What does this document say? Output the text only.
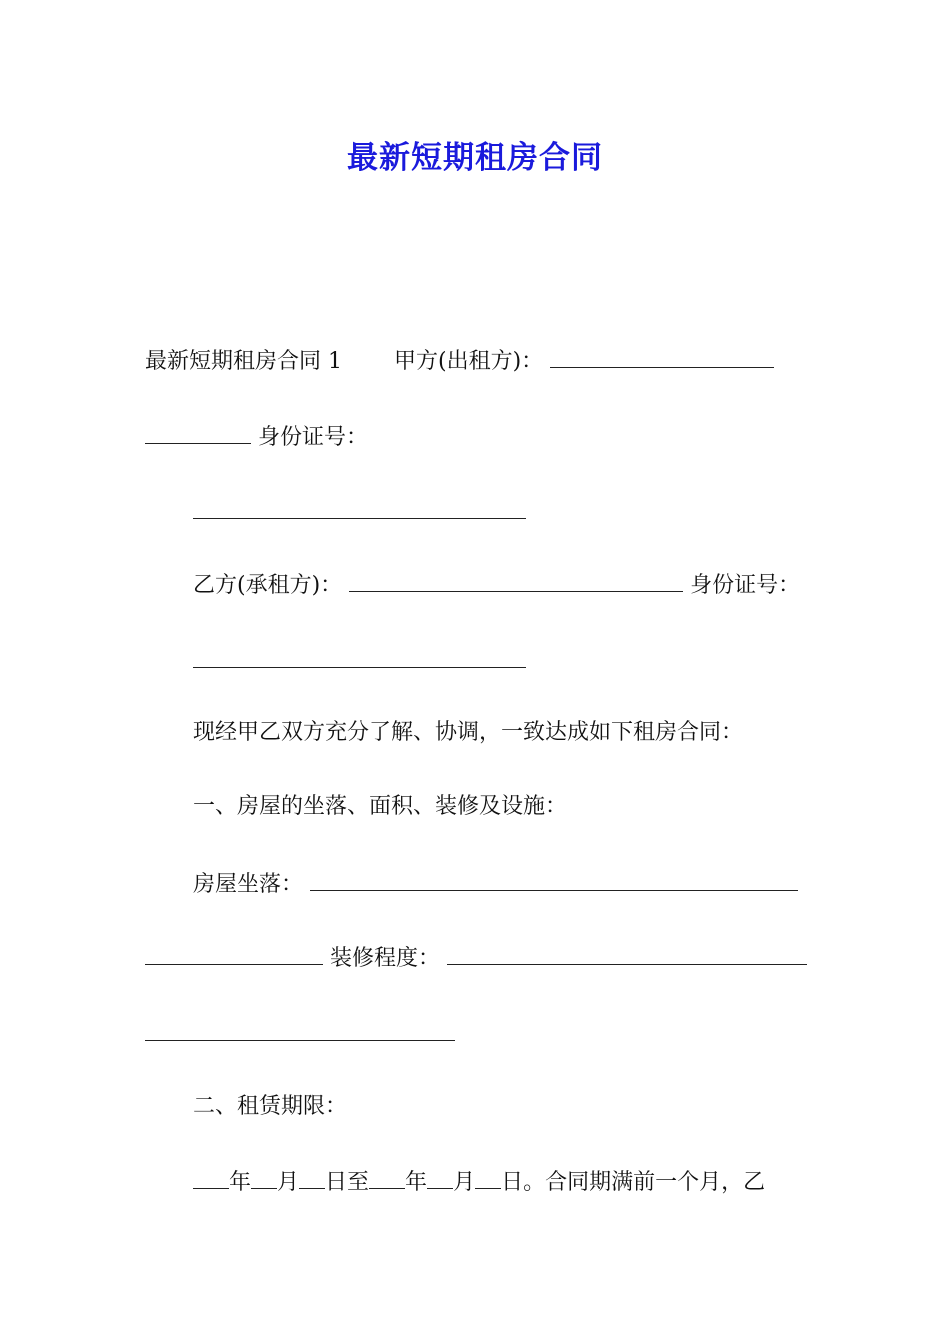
最新短期租房合同
最新短期租房合同 1 甲方(出租方)：
身份证号：
乙方(承租方)：	身份证号：
现经甲乙双方充分了解、协调，一致达成如下租房合同：
一、房屋的坐落、面积、装修及设施：
房屋坐落：
装修程度：
二、租赁期限：
年 月 日至 年 月 日。合同期满前一个月，乙
